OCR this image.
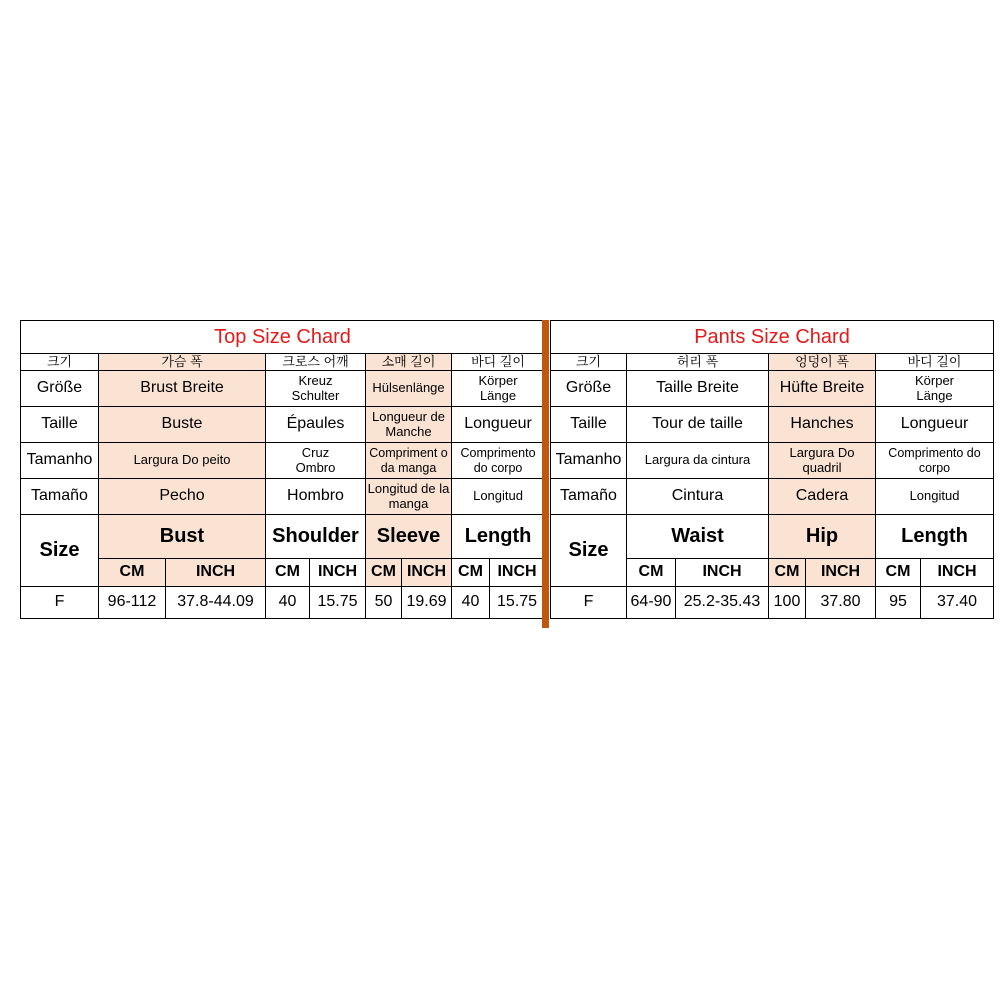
Top Size Chard								
크기	가슴 폭		크로스 어깨		소매 길이		바디 길이	
Größe	Brust Breite		Kreuz Schulter		Hülsenlänge		Körper Länge	
Taille	Buste		Épaules		Longueur de Manche		Longueur	
Tamanho	Largura Do peito		Cruz Ombro		Compriment o da manga		Comprimento do corpo	
Tamaño	Pecho		Hombro		Longitud de la manga		Longitud	
Size	Bust		Shoulder		Sleeve		Length	
	CM	INCH	CM	INCH	CM	INCH	CM	INCH
F	96-112	37.8-44.09	40	15.75	50	19.69	40	15.75
Pants Size Chard						
크기	허리 폭		엉덩이 폭		바디 길이	
Größe	Taille Breite		Hüfte Breite		Körper Länge	
Taille	Tour de taille		Hanches		Longueur	
Tamanho	Largura da cintura		Largura Do quadril		Comprimento do corpo	
Tamaño	Cintura		Cadera		Longitud	
Size	Waist		Hip		Length	
	CM	INCH	CM	INCH	CM	INCH
F	64-90	25.2-35.43	100	37.80	95	37.40
